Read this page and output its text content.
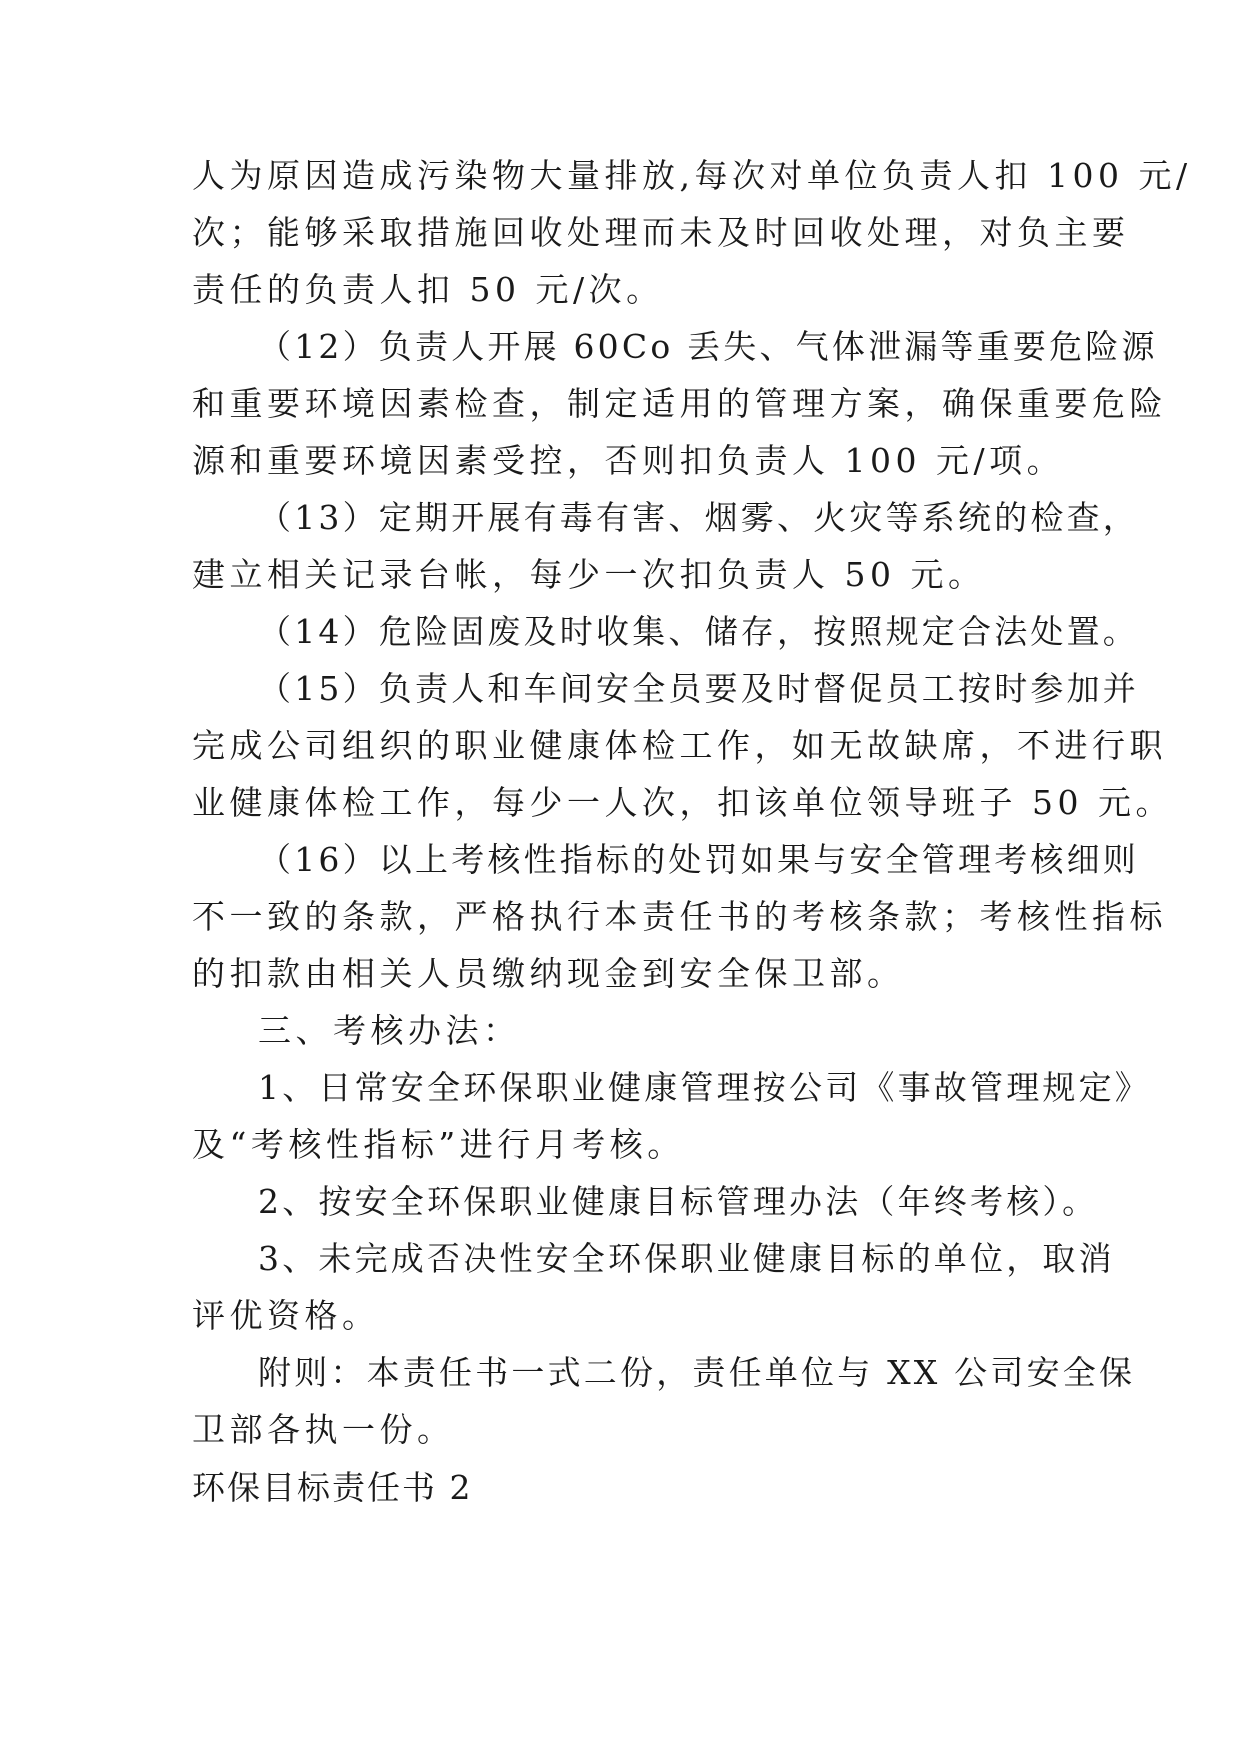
人为原因造成污染物大量排放,每次对单位负责人扣 100 元/
次；能够采取措施回收处理而未及时回收处理，对负主要
责任的负责人扣 50 元/次。
（12）负责人开展 60Co 丢失、气体泄漏等重要危险源
和重要环境因素检查，制定适用的管理方案，确保重要危险
源和重要环境因素受控，否则扣负责人 100 元/项。
（13）定期开展有毒有害、烟雾、火灾等系统的检查，
建立相关记录台帐，每少一次扣负责人 50 元。
（14）危险固废及时收集、储存，按照规定合法处置。
（15）负责人和车间安全员要及时督促员工按时参加并
完成公司组织的职业健康体检工作，如无故缺席，不进行职
业健康体检工作，每少一人次，扣该单位领导班子 50 元。
（16）以上考核性指标的处罚如果与安全管理考核细则
不一致的条款，严格执行本责任书的考核条款；考核性指标
的扣款由相关人员缴纳现金到安全保卫部。
三、考核办法：
1、日常安全环保职业健康管理按公司《事故管理规定》
及“考核性指标”进行月考核。
2、按安全环保职业健康目标管理办法（年终考核）。
3、未完成否决性安全环保职业健康目标的单位，取消
评优资格。
附则：本责任书一式二份，责任单位与 XX 公司安全保
卫部各执一份。
环保目标责任书 2
